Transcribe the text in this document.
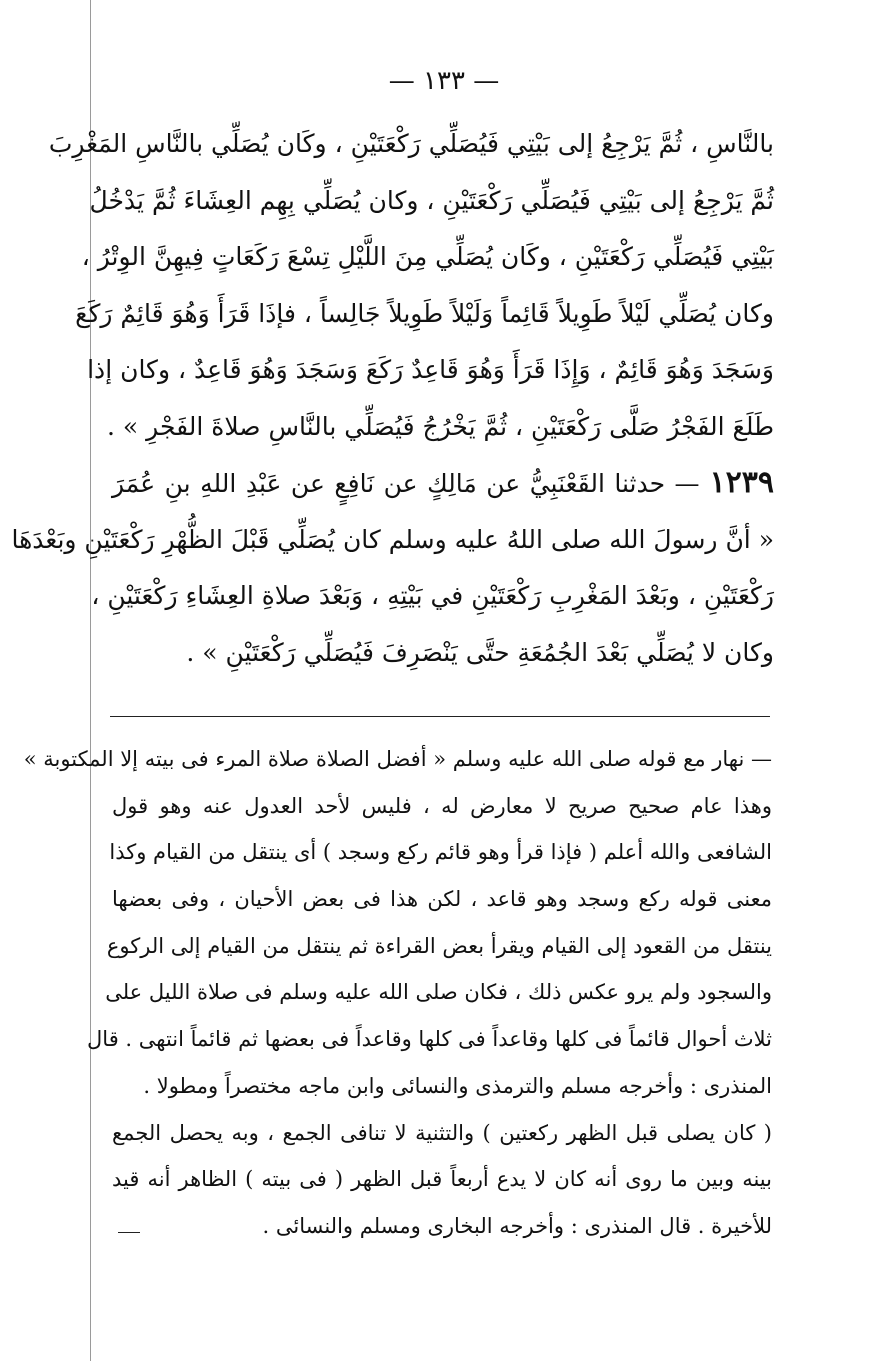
— ١٣٣ —
بالنَّاسِ ، ثُمَّ يَرْجِعُ إلى بَيْتِي فَيُصَلِّي رَكْعَتَيْنِ ، وكَان يُصَلِّي بالنَّاسِ المَغْرِبَ
ثُمَّ يَرْجِعُ إلى بَيْتِي فَيُصَلِّي رَكْعَتَيْنِ ، وكان يُصَلِّي بِهِم العِشَاءَ ثُمَّ يَدْخُلُ
بَيْتِي فَيُصَلِّي رَكْعَتَيْنِ ، وكَان يُصَلِّي مِنَ اللَّيْلِ تِسْعَ رَكَعَاتٍ فِيهِنَّ الوِتْرُ ،
وكان يُصَلِّي لَيْلاً طَوِيلاً قَائِماً وَلَيْلاً طَوِيلاً جَالِساً ، فإذَا قَرَأَ وَهُوَ قَائِمٌ رَكَعَ
وَسَجَدَ وَهُوَ قَائِمٌ ، وَإِذَا قَرَأَ وَهُوَ قَاعِدٌ رَكَعَ وَسَجَدَ وَهُوَ قَاعِدٌ ، وكان إذا
طَلَعَ الفَجْرُ صَلَّى رَكْعَتَيْنِ ، ثُمَّ يَخْرُجُ فَيُصَلِّي بالنَّاسِ صلاةَ الفَجْرِ » .
١٢٣٩— حدثنا القَعْنَبِيُّ عن مَالِكٍ عن نَافِعٍ عن عَبْدِ اللهِ بنِ عُمَرَ
« أنَّ رسولَ الله صلى اللهُ عليه وسلم كان يُصَلِّي قَبْلَ الظُّهْرِ رَكْعَتَيْنِ وبَعْدَهَا
رَكْعَتَيْنِ ، وبَعْدَ المَغْرِبِ رَكْعَتَيْنِ في بَيْتِهِ ، وَبَعْدَ صلاةِ العِشَاءِ رَكْعَتَيْنِ ،
وكان لا يُصَلِّي بَعْدَ الجُمُعَةِ حتَّى يَنْصَرِفَ فَيُصَلِّي رَكْعَتَيْنِ » .
— نهار مع قوله صلى الله عليه وسلم « أفضل الصلاة صلاة المرء فى بيته إلا المكتوبة »
وهذا عام صحيح صريح لا معارض له ، فليس لأحد العدول عنه وهو قول
الشافعى والله أعلم ( فإذا قرأ وهو قائم ركع وسجد ) أى ينتقل من القيام وكذا
معنى قوله ركع وسجد وهو قاعد ، لكن هذا فى بعض الأحيان ، وفى بعضها
ينتقل من القعود إلى القيام ويقرأ بعض القراءة ثم ينتقل من القيام إلى الركوع
والسجود ولم يرو عكس ذلك ، فكان صلى الله عليه وسلم فى صلاة الليل على
ثلاث أحوال قائماً فى كلها وقاعداً فى كلها وقاعداً فى بعضها ثم قائماً انتهى . قال
المنذرى : وأخرجه مسلم والترمذى والنسائى وابن ماجه مختصراً ومطولا .
( كان يصلى قبل الظهر ركعتين ) والتثنية لا تنافى الجمع ، وبه يحصل الجمع
بينه وبين ما روى أنه كان لا يدع أربعاً قبل الظهر ( فى بيته ) الظاهر أنه قيد
للأخيرة . قال المنذرى : وأخرجه البخارى ومسلم والنسائى .
